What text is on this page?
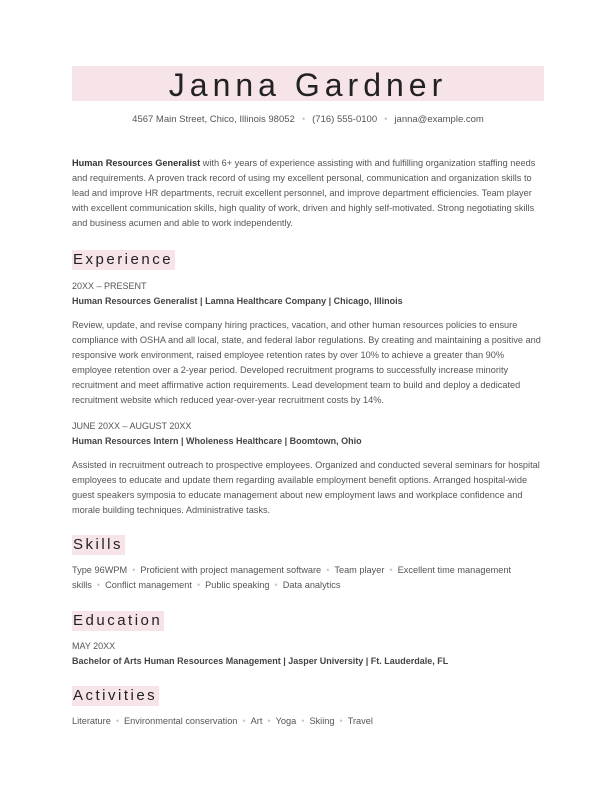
Janna Gardner
4567 Main Street, Chico, Illinois 98052 • (716) 555-0100 • janna@example.com
Human Resources Generalist with 6+ years of experience assisting with and fulfilling organization staffing needs and requirements. A proven track record of using my excellent personal, communication and organization skills to lead and improve HR departments, recruit excellent personnel, and improve department efficiencies. Team player with excellent communication skills, high quality of work, driven and highly self-motivated. Strong negotiating skills and business acumen and able to work independently.
Experience
20XX – PRESENT
Human Resources Generalist | Lamna Healthcare Company | Chicago, Illinois
Review, update, and revise company hiring practices, vacation, and other human resources policies to ensure compliance with OSHA and all local, state, and federal labor regulations. By creating and maintaining a positive and responsive work environment, raised employee retention rates by over 10% to achieve a greater than 90% employee retention over a 2-year period. Developed recruitment programs to successfully increase minority recruitment and meet affirmative action requirements. Lead development team to build and deploy a dedicated recruitment website which reduced year-over-year recruitment costs by 14%.
JUNE 20XX – AUGUST 20XX
Human Resources Intern | Wholeness Healthcare | Boomtown, Ohio
Assisted in recruitment outreach to prospective employees. Organized and conducted several seminars for hospital employees to educate and update them regarding available employment benefit options. Arranged hospital-wide guest speakers symposia to educate management about new employment laws and workplace confidence and morale building techniques. Administrative tasks.
Skills
Type 96WPM • Proficient with project management software • Team player • Excellent time management skills • Conflict management • Public speaking • Data analytics
Education
MAY 20XX
Bachelor of Arts Human Resources Management | Jasper University | Ft. Lauderdale, FL
Activities
Literature • Environmental conservation • Art • Yoga • Skiing • Travel
